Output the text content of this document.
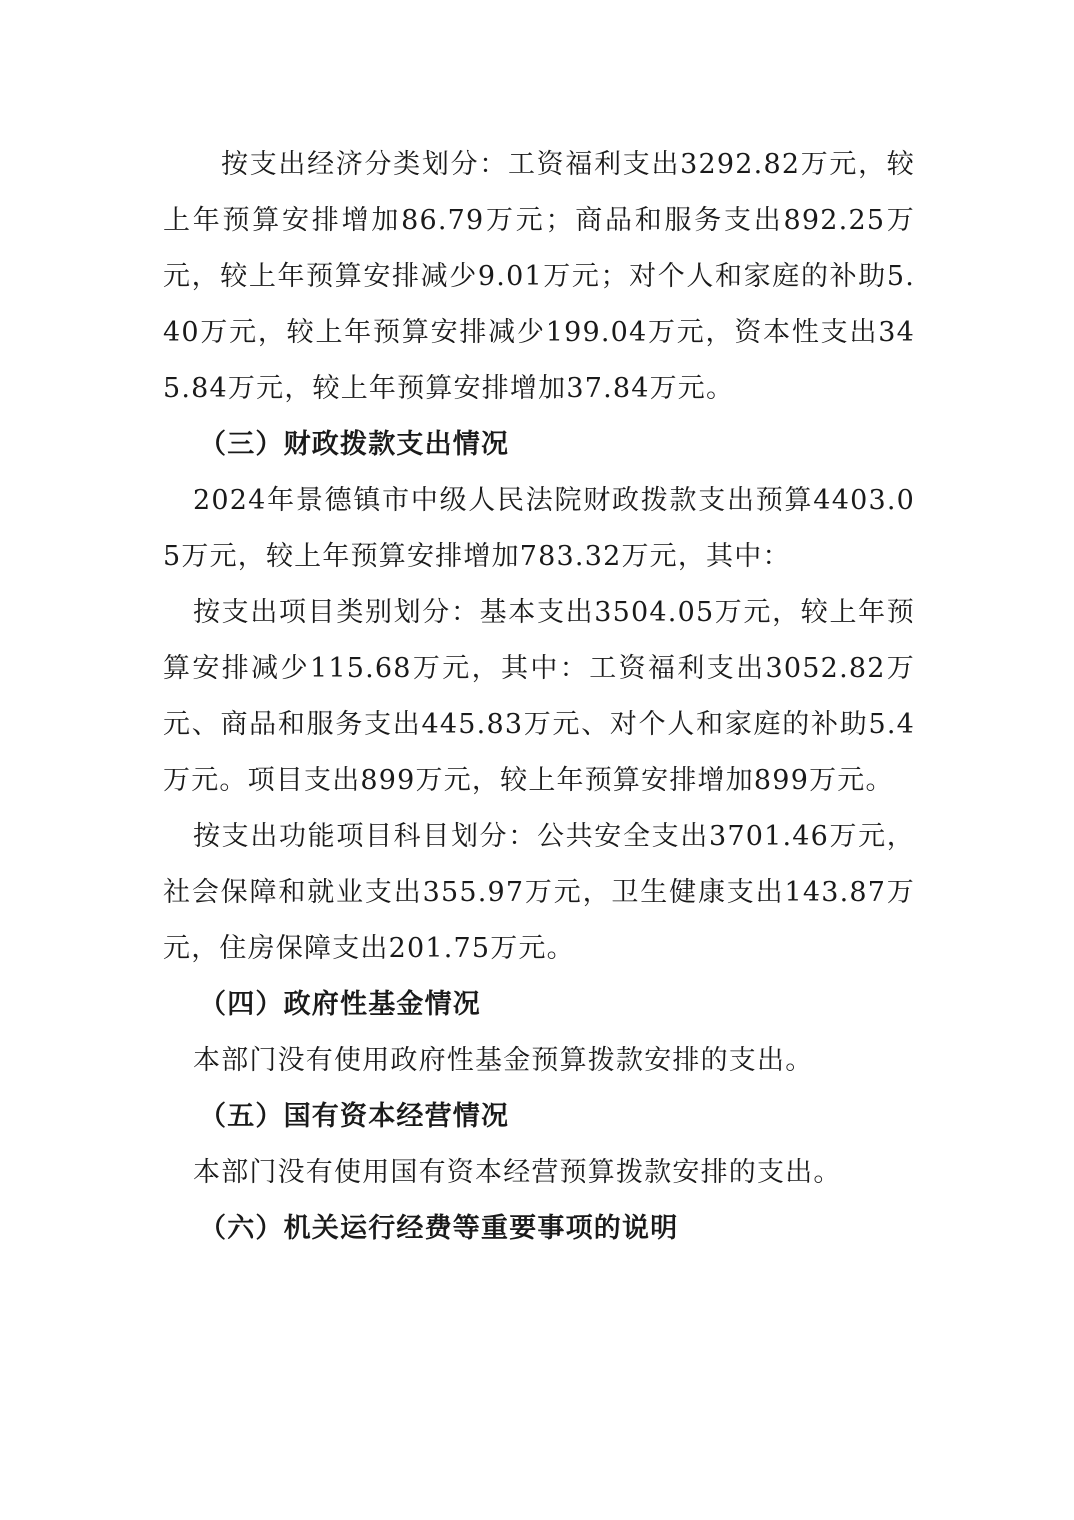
按支出经济分类划分：工资福利支出3292.82万元，较上年预算安排增加86.79万元；商品和服务支出892.25万元，较上年预算安排减少9.01万元；对个人和家庭的补助5.40万元，较上年预算安排减少199.04万元，资本性支出345.84万元，较上年预算安排增加37.84万元。

（三）财政拨款支出情况

2024年景德镇市中级人民法院财政拨款支出预算4403.05万元，较上年预算安排增加783.32万元，其中：

按支出项目类别划分：基本支出3504.05万元，较上年预算安排减少115.68万元，其中：工资福利支出3052.82万元、商品和服务支出445.83万元、对个人和家庭的补助5.4万元。项目支出899万元，较上年预算安排增加899万元。

按支出功能项目科目划分：公共安全支出3701.46万元，社会保障和就业支出355.97万元，卫生健康支出143.87万元，住房保障支出201.75万元。

（四）政府性基金情况

本部门没有使用政府性基金预算拨款安排的支出。

（五）国有资本经营情况

本部门没有使用国有资本经营预算拨款安排的支出。

（六）机关运行经费等重要事项的说明
